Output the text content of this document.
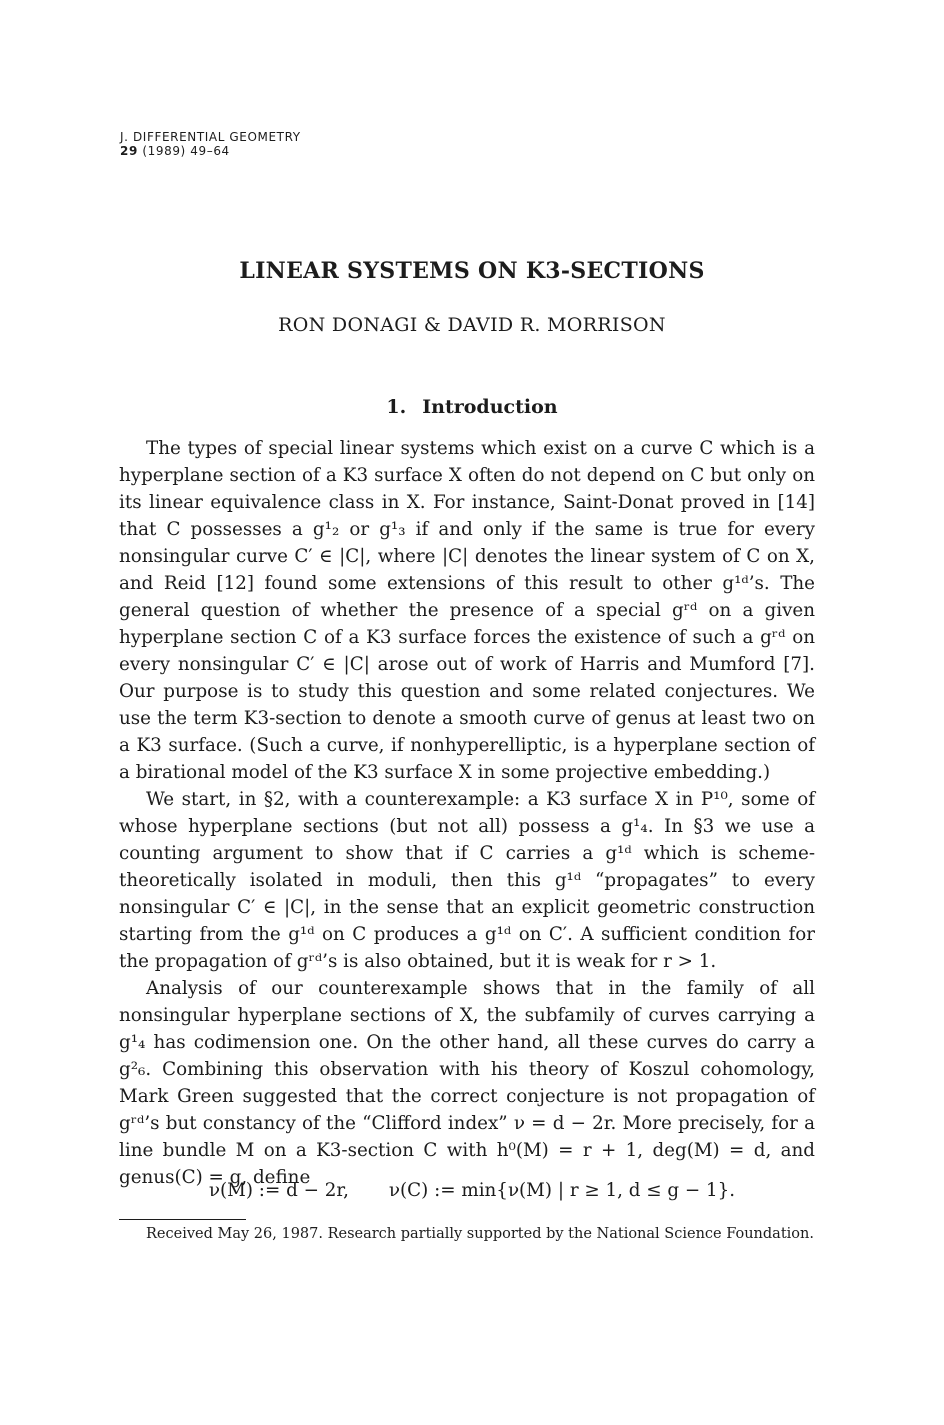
J. DIFFERENTIAL GEOMETRY
29 (1989) 49–64
LINEAR SYSTEMS ON K3-SECTIONS
RON DONAGI & DAVID R. MORRISON
1. Introduction

The types of special linear systems which exist on a curve C which is a hyperplane section of a K3 surface X often do not depend on C but only on its linear equivalence class in X. For instance, Saint-Donat proved in [14] that C possesses a g¹₂ or g¹₃ if and only if the same is true for every nonsingular curve C′ ∈ |C|, where |C| denotes the linear system of C on X, and Reid [12] found some extensions of this result to other g¹ᵈ’s. The general question of whether the presence of a special gʳᵈ on a given hyperplane section C of a K3 surface forces the existence of such a gʳᵈ on every nonsingular C′ ∈ |C| arose out of work of Harris and Mumford [7]. Our purpose is to study this question and some related conjectures. We use the term K3-section to denote a smooth curve of genus at least two on a K3 surface. (Such a curve, if nonhyperelliptic, is a hyperplane section of a birational model of the K3 surface X in some projective embedding.)

We start, in §2, with a counterexample: a K3 surface X in P¹⁰, some of whose hyperplane sections (but not all) possess a g¹₄. In §3 we use a counting argument to show that if C carries a g¹ᵈ which is scheme-theoretically isolated in moduli, then this g¹ᵈ “propagates” to every nonsingular C′ ∈ |C|, in the sense that an explicit geometric construction starting from the g¹ᵈ on C produces a g¹ᵈ on C′. A sufficient condition for the propagation of gʳᵈ’s is also obtained, but it is weak for r > 1.

Analysis of our counterexample shows that in the family of all nonsingular hyperplane sections of X, the subfamily of curves carrying a g¹₄ has codimension one. On the other hand, all these curves do carry a g²₆. Combining this observation with his theory of Koszul cohomology, Mark Green suggested that the correct conjecture is not propagation of gʳᵈ’s but constancy of the “Clifford index” ν = d − 2r. More precisely, for a line bundle M on a K3-section C with h⁰(M) = r + 1, deg(M) = d, and genus(C) = g, define

ν(M) := d − 2r, ν(C) := min{ν(M) | r ≥ 1, d ≤ g − 1}.
Received May 26, 1987. Research partially supported by the National Science Foundation.
